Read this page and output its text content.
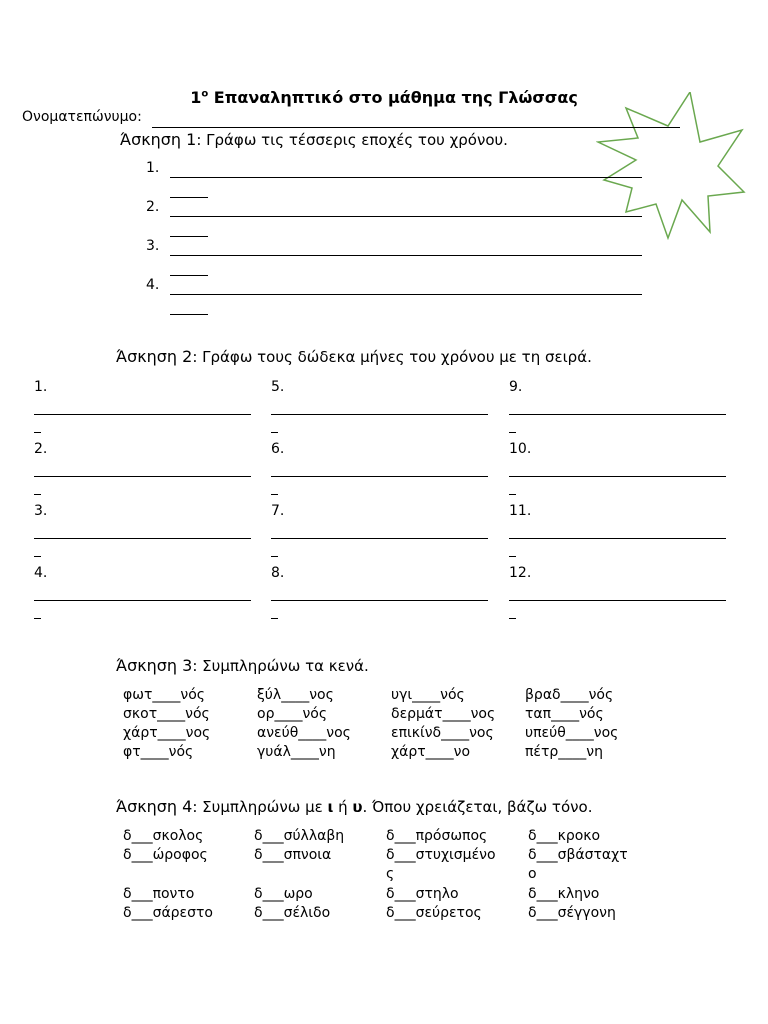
$1^o$ Επαναληπτικό στο μάθημα της Γλώσσας
Ονοματεπώνυμο:
Άσκηση 1: Γράφω τις τέσσερις εποχές του χρόνου.
1.
2.
3.
4.
Άσκηση 2: Γράφω τους δώδεκα μήνες του χρόνου με τη σειρά.
1.
2.
3.
4.
5.
6.
7.
8.
9.
10.
11.
12.
Άσκηση 3: Συμπληρώνω τα κενά.
φωτ____νός
σκοτ____νός
χάρτ____νος
φτ____νός
ξύλ____νος
ορ____νός
ανεύθ____νος
γυάλ____νη
υγι____νός
δερμάτ____νος
επικίνδ____νος
χάρτ____νο
βραδ____νός
ταπ____νός
υπεύθ____νος
πέτρ____νη
Άσκηση 4: Συμπληρώνω με ι ή υ. Όπου χρειάζεται, βάζω τόνο.
δ___σκολος
δ___ώροφος
δ___ποντο
δ___σάρεστο
δ___σύλλαβη
δ___σπνοια
δ___ωρο
δ___σέλιδο
δ___πρόσωπος
δ___στυχισμένο
ς
δ___στηλο
δ___σεύρετος
δ___κροκο
δ___σβάσταχτ
ο
δ___κληνο
δ___σέγγονη
